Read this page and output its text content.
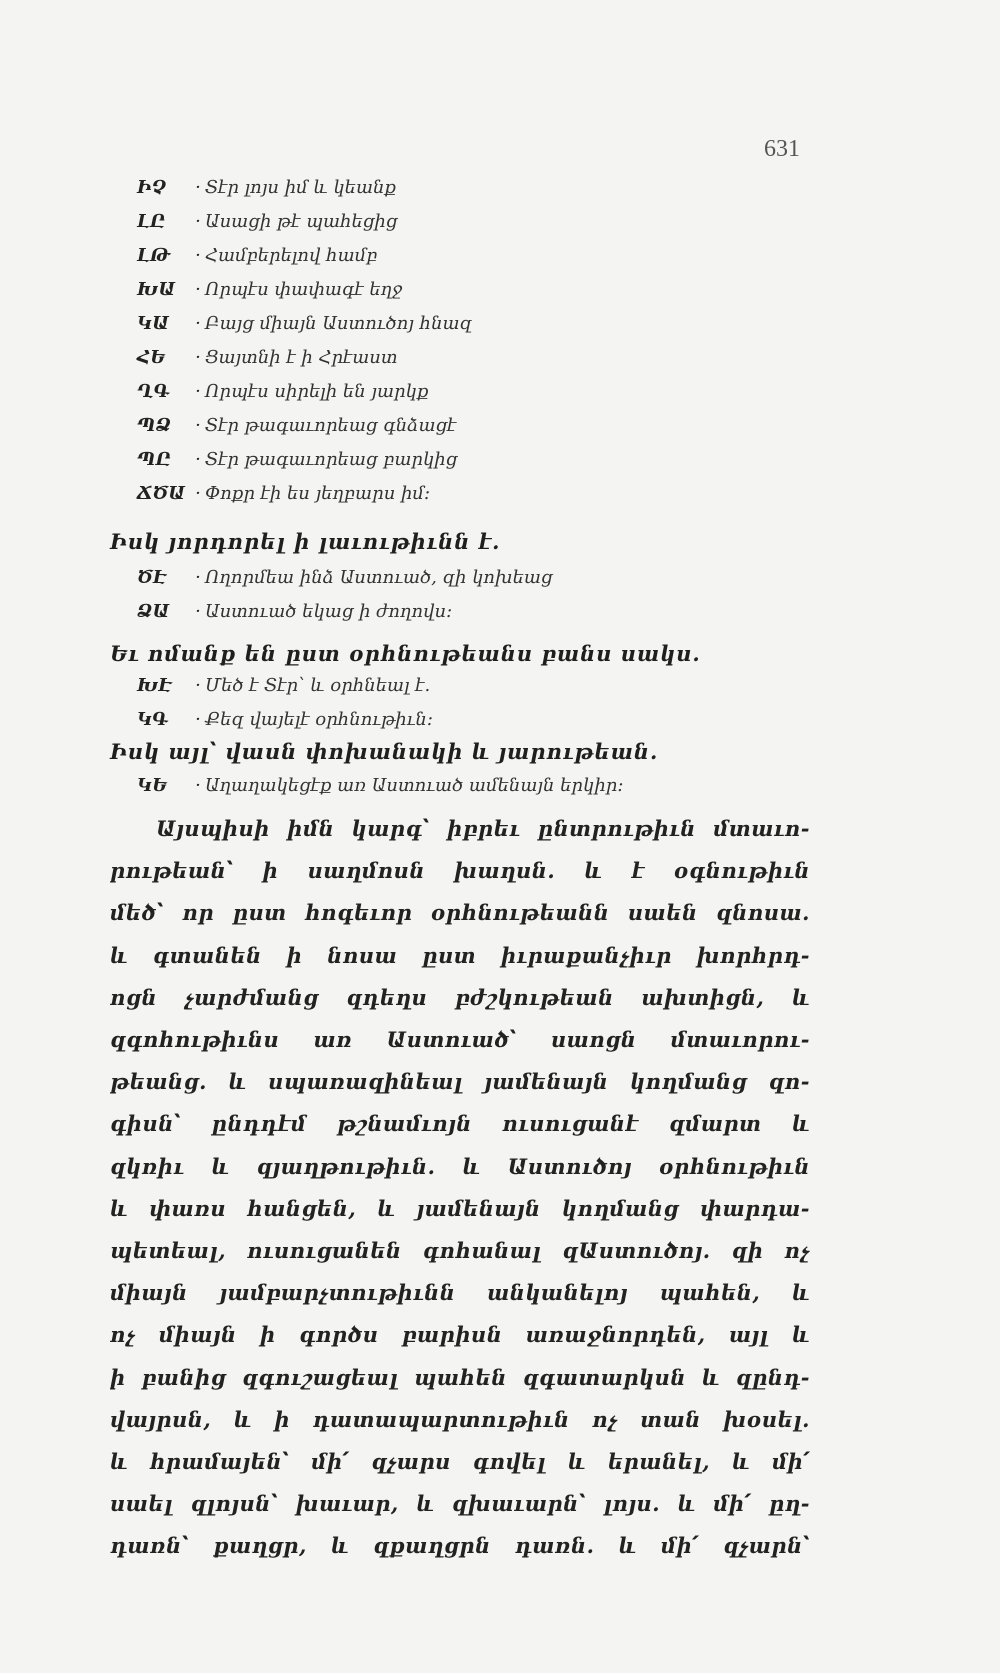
631
ԻՉ · Տէր լոյս իմ և կեանք
ԼԸ · Ասացի թէ պահեցից
ԼԹ · Համբերելով համբ
ԽԱ · Որպէս փափագէ եղջ
ԿԱ · Բայց միայն Աստուծոյ հնազ
ՀԵ · Ցայտնի է ի Հրէաստ
ՂԳ · Որպէս սիրելի են յարկք
ՊՁ · Տէր թագաւորեաց գնձացէ
ՊԸ · Տէր թագաւորեաց բարկից
ՃԾԱ · Փոքր էի ես յեղբարս իմ։
Իսկ յորդորել ի լաւութիւնն է.
ԾԷ · Ողորմեա ինձ Աստուած, զի կոխեաց
ՁԱ · Աստուած եկաց ի ժողովս։
Եւ ոմանք են ըստ օրհնութեանս բանս սակս.
ԽԷ · Մեծ է Տէր՝ և օրհնեալ է.
ԿԳ · Քեզ վայելէ օրհնութիւն։
Իսկ այլ՝ վասն փոխանակի և յարութեան.
ԿԵ · Աղաղակեցէք առ Աստուած ամենայն երկիր։
Այսպիսի իմն կարգ՝ իբրեւ ընտրութիւն մտաւո-
րութեան՝ ի սաղմոսն խաղսն. և է օգնութիւն
մեծ՝ որ ըստ հոգեւոր օրհնութեանն սաեն զնոսա.
և գտանեն ի նոսա ըստ իւրաքանչիւր խորհրդ-
ոցն չարժմանց զդեղս բժշկութեան ախտիցն, և
զգոհութիւնս առ Աստուած՝ սաոցն մտաւորու-
թեանց. և սպառազինեալ յամենայն կողմանց զո-
գիսն՝ ընդդէմ թշնամւոյն ուսուցանէ զմարտ և
զկռիւ և զյաղթութիւն. և Աստուծոյ օրհնութիւն
և փառս հանցեն, և յամենայն կողմանց փարդա-
պետեալ, ուսուցանեն գոհանալ զԱստուծոյ. զի ոչ
միայն յամբարչտութիւնն անկանելոյ պահեն, և
ոչ միայն ի գործս բարիսն առաջնորդեն, այլ և
ի բանից զգուշացեալ պահեն զգատարկսն և զընդ-
վայրսն, և ի դատապարտութիւն ոչ տան խօսել.
և հրամայեն՝ մի՛ զչարս գովել և երանել, և մի՛
սաել զլոյսն՝ խաւար, և զխաւարն՝ լոյս. և մի՛ ըղ-
դառն՝ քաղցր, և զքաղցրն դառն. և մի՛ զչարն՝
